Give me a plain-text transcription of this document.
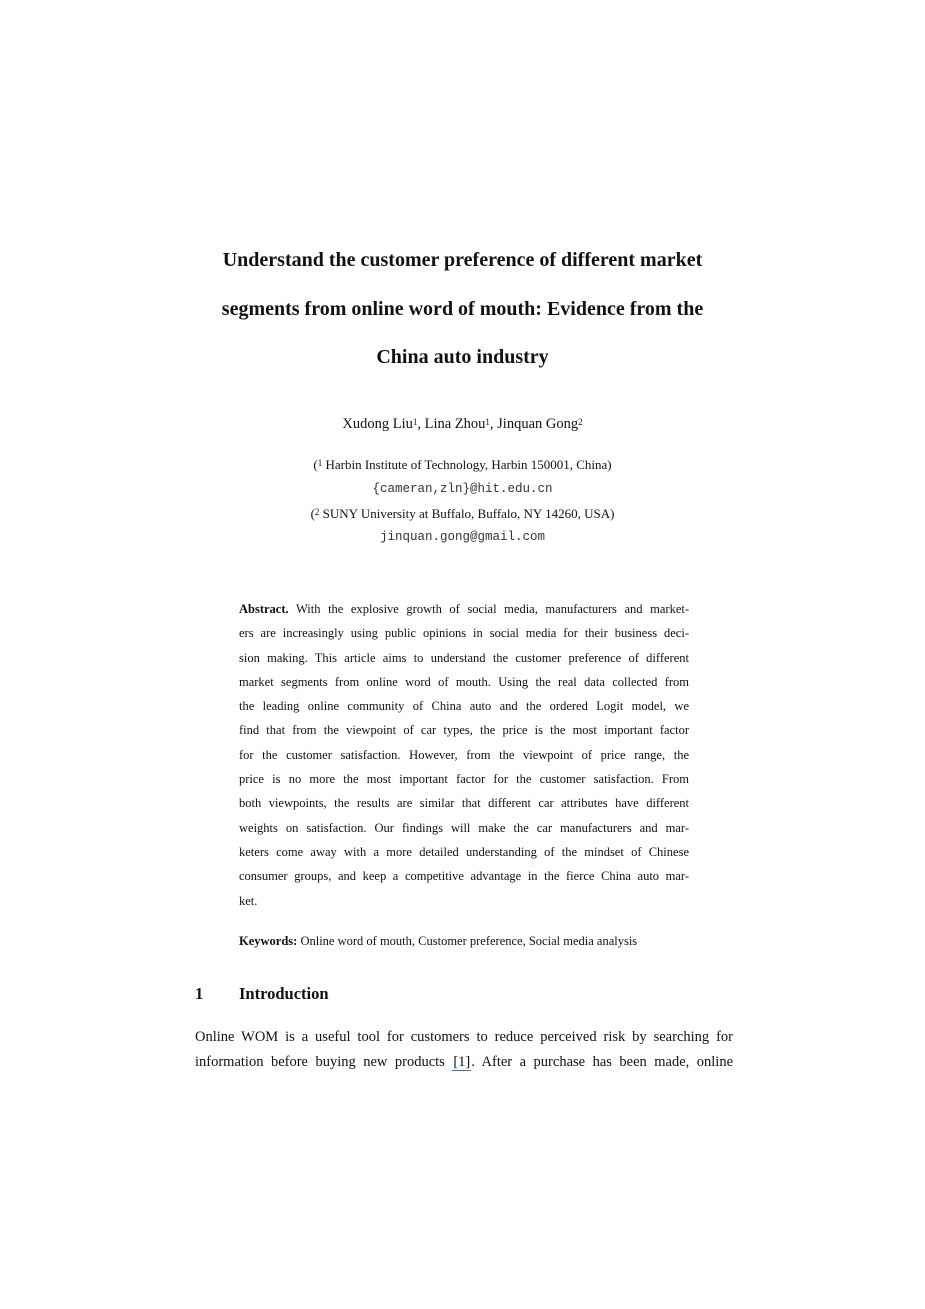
Understand the customer preference of different market
segments from online word of mouth: Evidence from the
China auto industry
Xudong Liu$^1$, Lina Zhou$^1$, Jinquan Gong$^2$
($^1$ Harbin Institute of Technology, Harbin 150001, China)
{cameran,zln}@hit.edu.cn
($^2$ SUNY University at Buffalo, Buffalo, NY 14260, USA)
jinquan.gong@gmail.com
Abstract. With the explosive growth of social media, manufacturers and market-
ers are increasingly using public opinions in social media for their business deci-
sion making. This article aims to understand the customer preference of different
market segments from online word of mouth. Using the real data collected from
the leading online community of China auto and the ordered Logit model, we
find that from the viewpoint of car types, the price is the most important factor
for the customer satisfaction. However, from the viewpoint of price range, the
price is no more the most important factor for the customer satisfaction. From
both viewpoints, the results are similar that different car attributes have different
weights on satisfaction. Our findings will make the car manufacturers and mar-
keters come away with a more detailed understanding of the mindset of Chinese
consumer groups, and keep a competitive advantage in the fierce China auto mar-
ket.
Keywords: Online word of mouth, Customer preference, Social media analysis
1 Introduction
Online WOM is a useful tool for customers to reduce perceived risk by searching for
information before buying new products [1]. After a purchase has been made, online
